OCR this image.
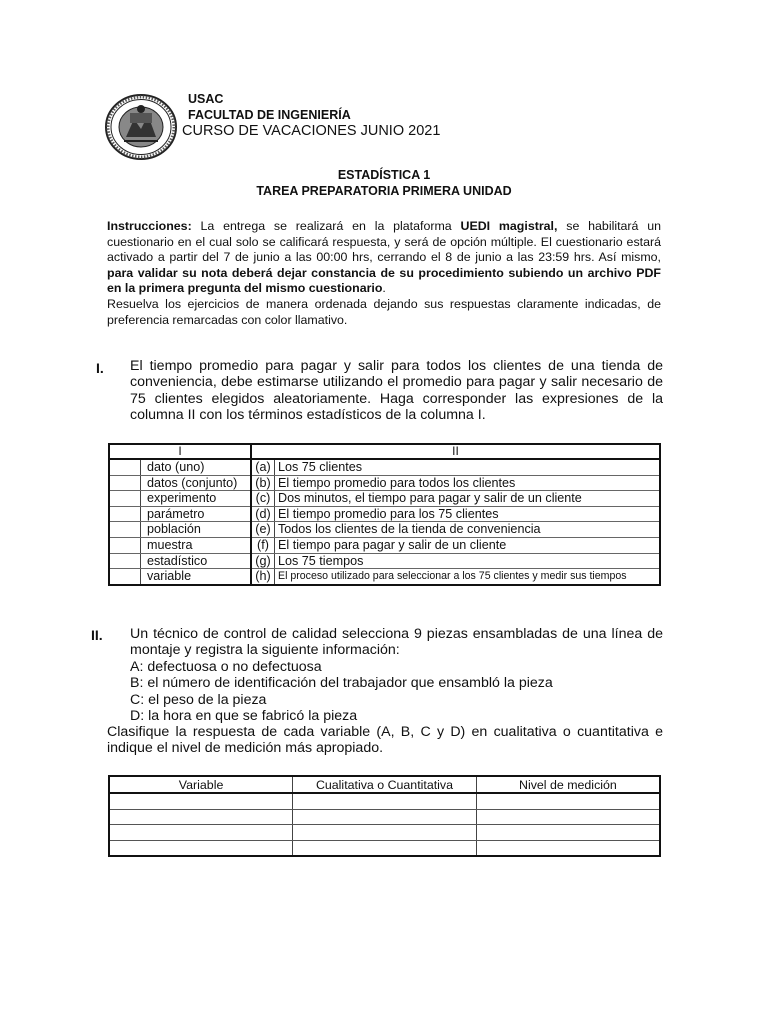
USAC
FACULTAD DE INGENIERÍA
CURSO DE VACACIONES JUNIO 2021
ESTADÍSTICA 1
TAREA PREPARATORIA PRIMERA UNIDAD
Instrucciones: La entrega se realizará en la plataforma UEDI magistral, se habilitará un cuestionario en el cual solo se calificará respuesta, y será de opción múltiple. El cuestionario estará activado a partir del 7 de junio a las 00:00 hrs, cerrando el 8 de junio a las 23:59 hrs. Así mismo, para validar su nota deberá dejar constancia de su procedimiento subiendo un archivo PDF en la primera pregunta del mismo cuestionario.
Resuelva los ejercicios de manera ordenada dejando sus respuestas claramente indicadas, de preferencia remarcadas con color llamativo.
I. El tiempo promedio para pagar y salir para todos los clientes de una tienda de conveniencia, debe estimarse utilizando el promedio para pagar y salir necesario de 75 clientes elegidos aleatoriamente. Haga corresponder las expresiones de la columna II con los términos estadísticos de la columna I.
I		II	
	dato (uno)	(a)	Los 75 clientes
	datos (conjunto)	(b)	El tiempo promedio para todos los clientes
	experimento	(c)	Dos minutos, el tiempo para pagar y salir de un cliente
	parámetro	(d)	El tiempo promedio para los 75 clientes
	población	(e)	Todos los clientes de la tienda de conveniencia
	muestra	(f)	El tiempo para pagar y salir de un cliente
	estadístico	(g)	Los 75 tiempos
	variable	(h)	El proceso utilizado para seleccionar a los 75 clientes y medir sus tiempos
II. Un técnico de control de calidad selecciona 9 piezas ensambladas de una línea de montaje y registra la siguiente información:
A: defectuosa o no defectuosa
B: el número de identificación del trabajador que ensambló la pieza
C: el peso de la pieza
D: la hora en que se fabricó la pieza
Clasifique la respuesta de cada variable (A, B, C y D) en cualitativa o cuantitativa e indique el nivel de medición más apropiado.
Variable	Cualitativa o Cuantitativa	Nivel de medición
